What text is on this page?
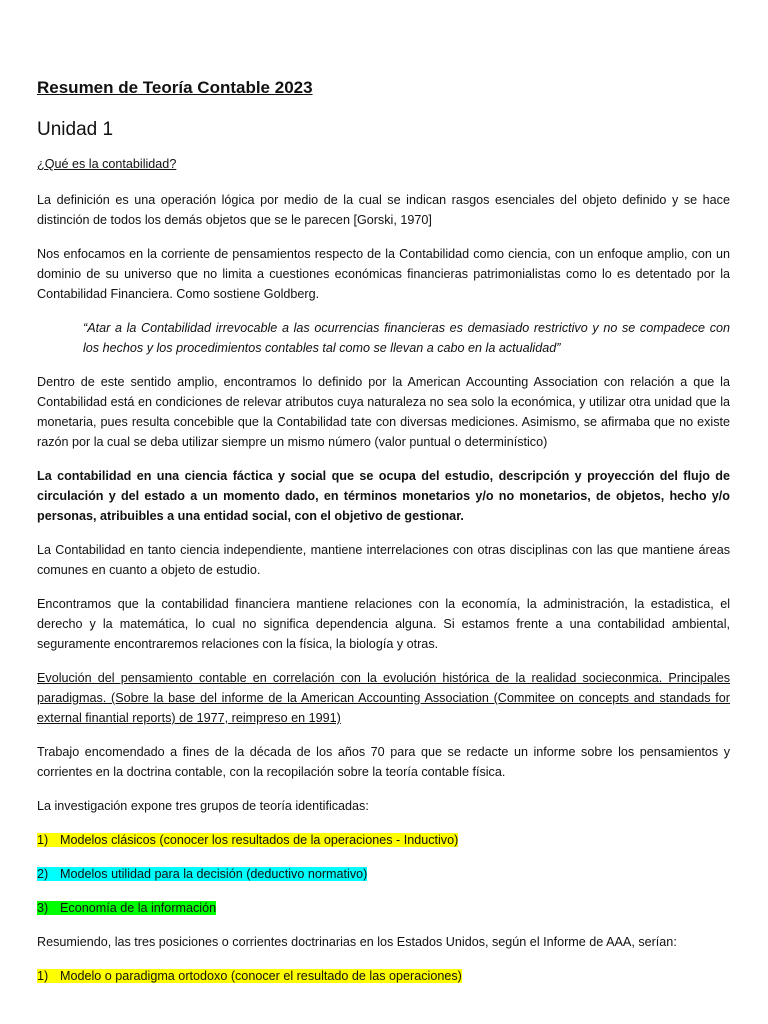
Resumen de Teoría Contable 2023
Unidad 1

¿Qué es la contabilidad?

La definición es una operación lógica por medio de la cual se indican rasgos esenciales del objeto definido y se hace distinción de todos los demás objetos que se le parecen [Gorski, 1970]

Nos enfocamos en la corriente de pensamientos respecto de la Contabilidad como ciencia, con un enfoque amplio, con un dominio de su universo que no limita a cuestiones económicas financieras patrimonialistas como lo es detentado por la Contabilidad Financiera. Como sostiene Goldberg.

“Atar a la Contabilidad irrevocable a las ocurrencias financieras es demasiado restrictivo y no se compadece con los hechos y los procedimientos contables tal como se llevan a cabo en la actualidad”

Dentro de este sentido amplio, encontramos lo definido por la American Accounting Association con relación a que la Contabilidad está en condiciones de relevar atributos cuya naturaleza no sea solo la económica, y utilizar otra unidad que la monetaria, pues resulta concebible que la Contabilidad tate con diversas mediciones. Asimismo, se afirmaba que no existe razón por la cual se deba utilizar siempre un mismo número (valor puntual o determinístico)

La contabilidad en una ciencia fáctica y social que se ocupa del estudio, descripción y proyección del flujo de circulación y del estado a un momento dado, en términos monetarios y/o no monetarios, de objetos, hecho y/o personas, atribuibles a una entidad social, con el objetivo de gestionar.

La Contabilidad en tanto ciencia independiente, mantiene interrelaciones con otras disciplinas con las que mantiene áreas comunes en cuanto a objeto de estudio.

Encontramos que la contabilidad financiera mantiene relaciones con la economía, la administración, la estadistica, el derecho y la matemática, lo cual no significa dependencia alguna. Si estamos frente a una contabilidad ambiental, seguramente encontraremos relaciones con la física, la biología y otras.

Evolución del pensamiento contable en correlación con la evolución histórica de la realidad socieconmica. Principales paradigmas. (Sobre la base del informe de la American Accounting Association (Commitee on concepts and standads for external finantial reports) de 1977, reimpreso en 1991)

Trabajo encomendado a fines de la década de los años 70 para que se redacte un informe sobre los pensamientos y corrientes en la doctrina contable, con la recopilación sobre la teoría contable física.

La investigación expone tres grupos de teoría identificadas:

1) Modelos clásicos (conocer los resultados de la operaciones - Inductivo)

2) Modelos utilidad para la decisión (deductivo normativo)

3) Economía de la información

Resumiendo, las tres posiciones o corrientes doctrinarias en los Estados Unidos, según el Informe de AAA, serían:

1) Modelo o paradigma ortodoxo (conocer el resultado de las operaciones)
